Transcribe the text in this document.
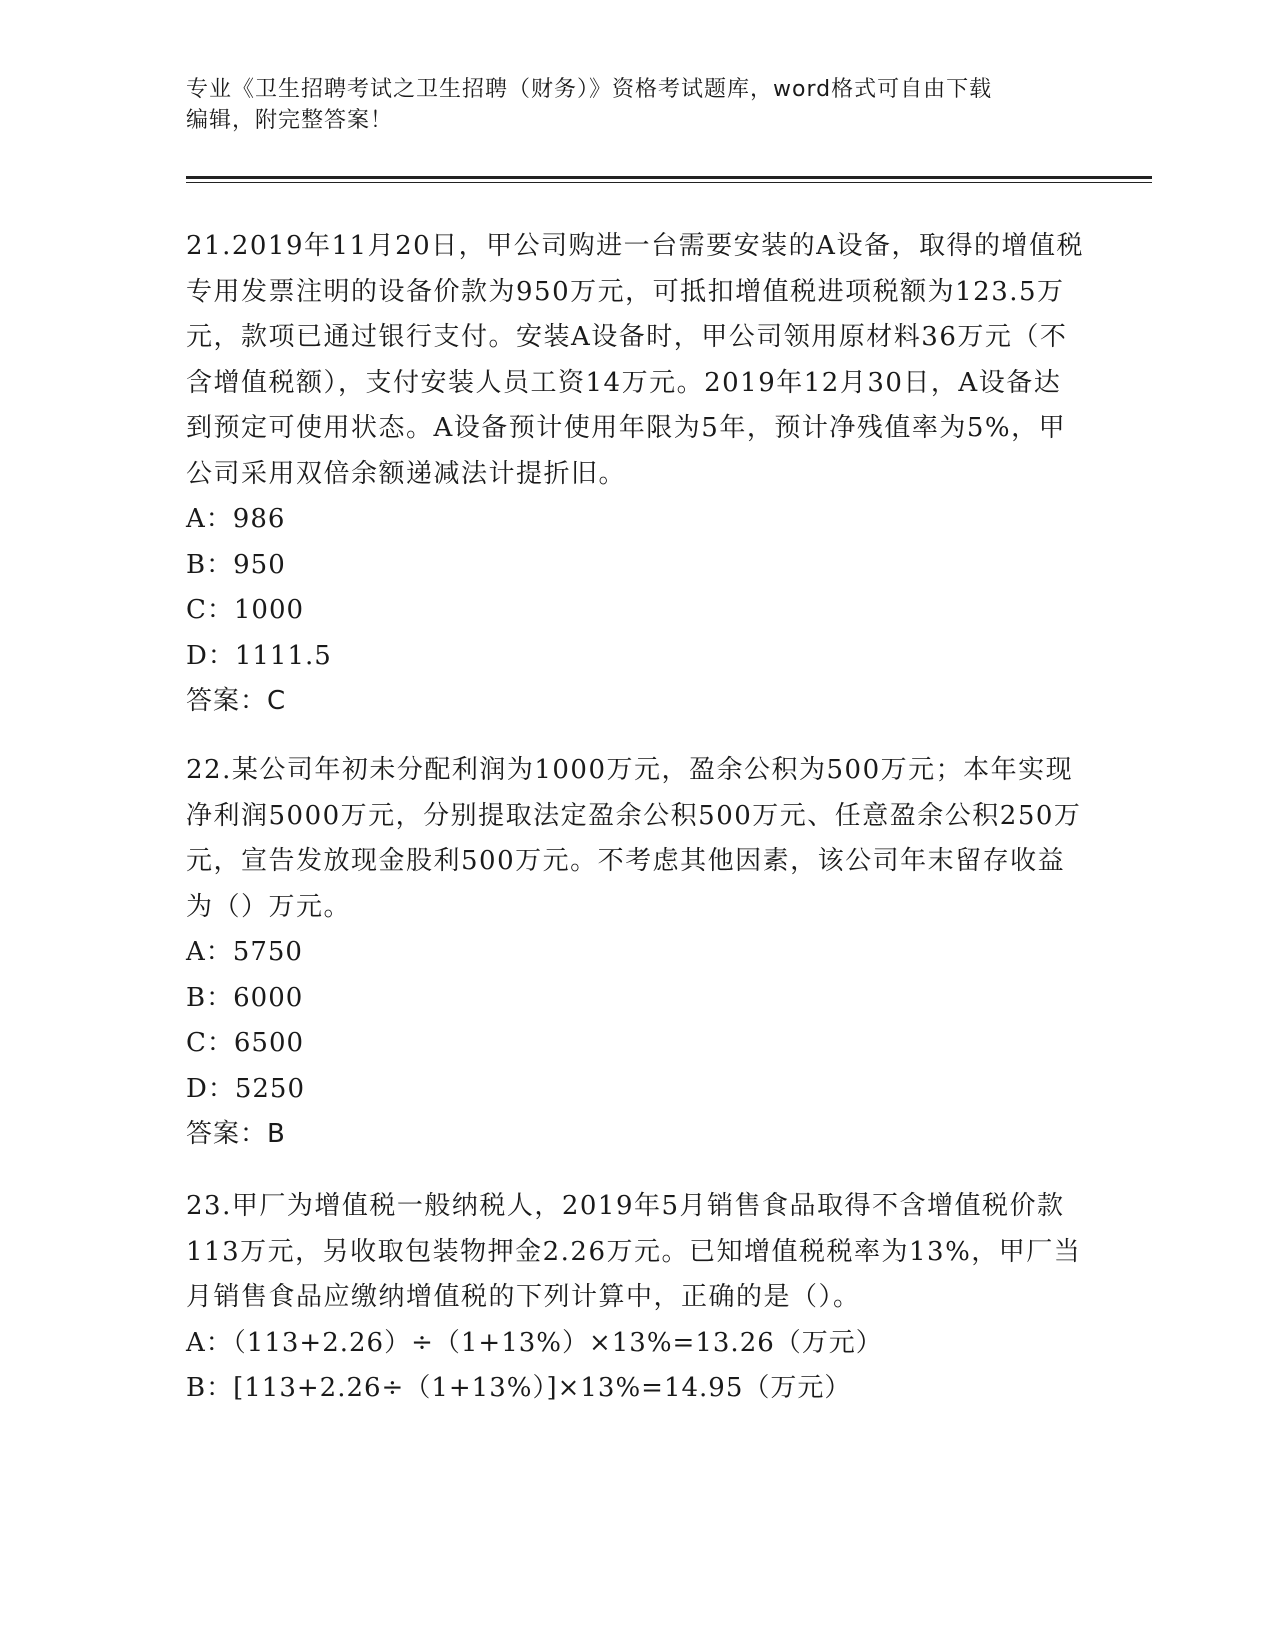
专业《卫生招聘考试之卫生招聘（财务）》资格考试题库，word格式可自由下载
编辑，附完整答案！
21.2019年11月20日，甲公司购进一台需要安装的A设备，取得的增值税专用发票注明的设备价款为950万元，可抵扣增值税进项税额为123.5万元，款项已通过银行支付。安装A设备时，甲公司领用原材料36万元（不含增值税额），支付安装人员工资14万元。2019年12月30日，A设备达到预定可使用状态。A设备预计使用年限为5年，预计净残值率为5%，甲公司采用双倍余额递减法计提折旧。
A：986
B：950
C：1000
D：1111.5
答案：C
22.某公司年初未分配利润为1000万元，盈余公积为500万元；本年实现净利润5000万元，分别提取法定盈余公积500万元、任意盈余公积250万元，宣告发放现金股利500万元。不考虑其他因素，该公司年末留存收益为（）万元。
A：5750
B：6000
C：6500
D：5250
答案：B
23.甲厂为增值税一般纳税人，2019年5月销售食品取得不含增值税价款113万元，另收取包装物押金2.26万元。已知增值税税率为13%，甲厂当月销售食品应缴纳增值税的下列计算中，正确的是（）。
A：（113+2.26）÷（1+13%）×13%=13.26（万元）
B：[113+2.26÷（1+13%）]×13%=14.95（万元）
